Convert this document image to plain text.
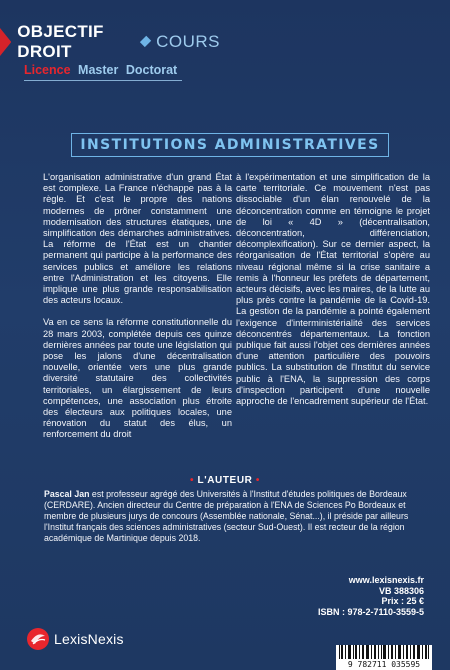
OBJECTIF DROIT
COURS
Licence Master Doctorat
INSTITUTIONS ADMINISTRATIVES

L'organisation administrative d'un grand État est complexe. La France n'échappe pas à la règle. Et c'est le propre des nations modernes de prôner constamment une modernisation des structures étatiques, une simplification des démarches administratives. La réforme de l'État est un chantier permanent qui participe à la performance des services publics et améliore les relations entre l'Administration et les citoyens. Elle implique une plus grande responsabilisation des acteurs locaux.

Va en ce sens la réforme constitutionnelle du 28 mars 2003, complétée depuis ces quinze dernières années par toute une législation qui pose les jalons d'une décentralisation nouvelle, orientée vers une plus grande diversité statutaire des collectivités territoriales, un élargissement de leurs compétences, une association plus étroite des électeurs aux politiques locales, une rénovation du statut des élus, un renforcement du droit

à l'expérimentation et une simplification de la carte territoriale. Ce mouvement n'est pas dissociable d'un élan renouvelé de la déconcentration comme en témoigne le projet de loi « 4D » (décentralisation, déconcentration, différenciation, décomplexification). Sur ce dernier aspect, la réorganisation de l'État territorial s'opère au niveau régional même si la crise sanitaire a remis à l'honneur les préfets de département, acteurs décisifs, avec les maires, de la lutte au plus près contre la pandémie de la Covid-19. La gestion de la pandémie a pointé également l'exigence d'interministérialité des services déconcentrés départementaux. La fonction publique fait aussi l'objet ces dernières années d'une attention particulière des pouvoirs publics. La substitution de l'Institut du service public à l'ENA, la suppression des corps d'inspection participent d'une nouvelle approche de l'encadrement supérieur de l'État.

• L'AUTEUR •
Pascal Jan est professeur agrégé des Universités à l'Institut d'études politiques de Bordeaux (CERDARE). Ancien directeur du Centre de préparation à l'ENA de Sciences Po Bordeaux et membre de plusieurs jurys de concours (Assemblée nationale, Sénat...), il préside par ailleurs l'Institut français des sciences administratives (secteur Sud-Ouest). Il est recteur de la région académique de Martinique depuis 2018.
www.lexisnexis.fr
VB 388306
Prix : 25 €
ISBN : 978-2-7110-3559-5
LexisNexis
9 782711 035595
